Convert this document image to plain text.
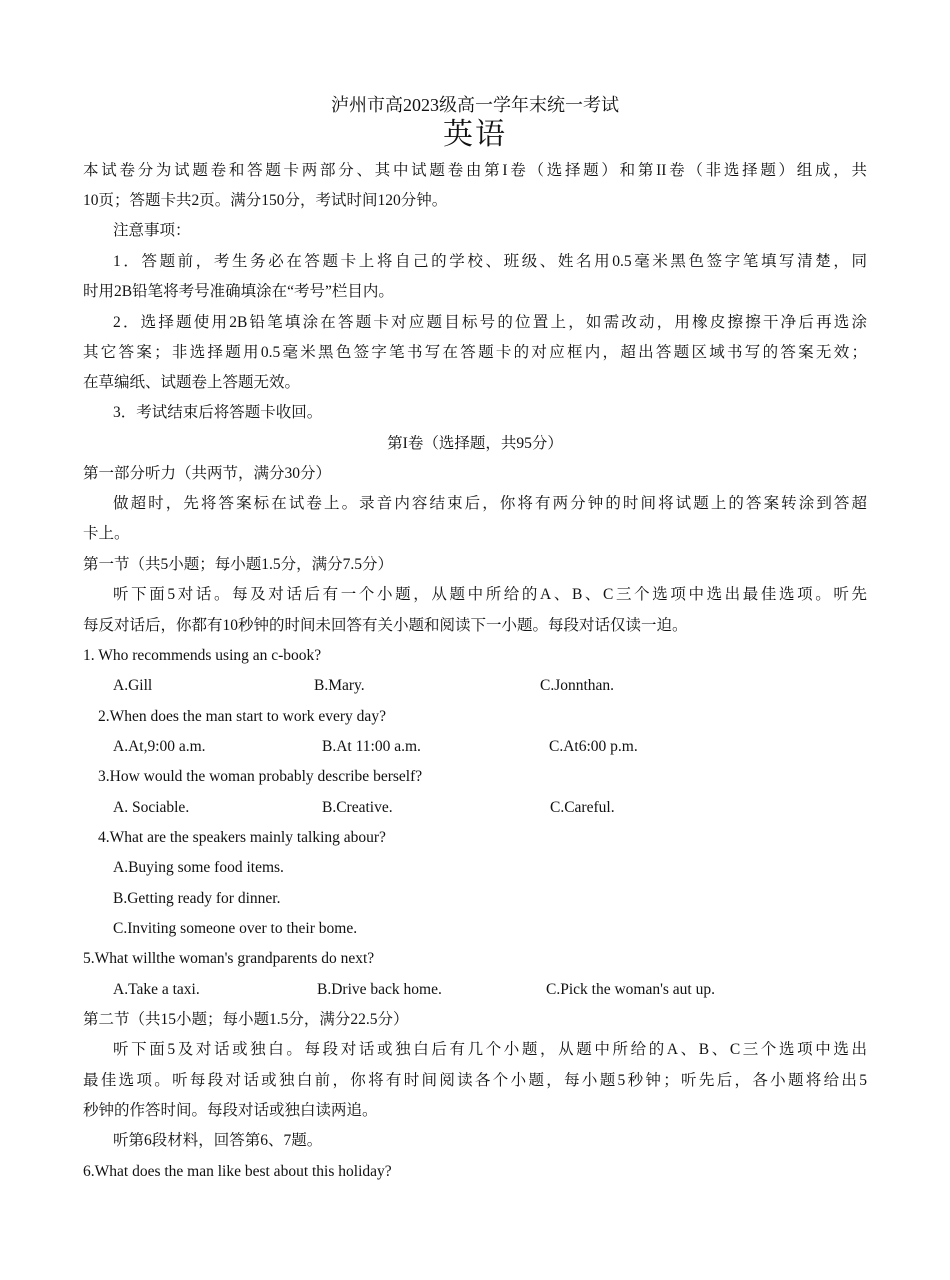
泸州市高2023级高一学年末统一考试
英语
本试卷分为试题卷和答题卡两部分、其中试题卷由第I卷（选择题）和第II卷（非选择题）组成，共
10页；答题卡共2页。满分150分，考试时间120分钟。
注意事项：
1．答题前，考生务必在答题卡上将自己的学校、班级、姓名用0.5毫米黑色签字笔填写清楚，同
时用2B铅笔将考号准确填涂在“考号”栏目内。
2．选择题使用2B铅笔填涂在答题卡对应题目标号的位置上，如需改动，用橡皮擦擦干净后再选涂
其它答案；非选择题用0.5毫米黑色签字笔书写在答题卡的对应框内，超出答题区域书写的答案无效；
在草编纸、试题卷上答题无效。
3．考试结束后将答题卡收回。
第I卷（选择题，共95分）
第一部分听力（共两节，满分30分）
做超时，先将答案标在试卷上。录音内容结束后，你将有两分钟的时间将试题上的答案转涂到答超
卡上。
第一节（共5小题；每小题1.5分，满分7.5分）
听下面5对话。每及对话后有一个小题，从题中所给的A、B、C三个选项中选出最佳选项。听先
每反对话后，你都有10秒钟的时间未回答有关小题和阅读下一小题。每段对话仅读一迫。
1. Who recommends using an c-book?
A.Gill	B.Mary.	C.Jonnthan.
2.When does the man start to work every day?
A.At,9:00 a.m.	B.At 11:00 a.m.	C.At6:00 p.m.
3.How would the woman probably describe berself?
A. Sociable.	B.Creative.	C.Careful.
4.What are the speakers mainly talking abour?
A.Buying some food items.
B.Getting ready for dinner.
C.Inviting someone over to their bome.
5.What willthe woman's grandparents do next?
A.Take a taxi.	B.Drive back home.	C.Pick the woman's aut up.
第二节（共15小题；每小题1.5分，满分22.5分）
听下面5及对话或独白。每段对话或独白后有几个小题，从题中所给的A、B、C三个选项中选出
最佳选项。听每段对话或独白前，你将有时间阅读各个小题，每小题5秒钟；听先后，各小题将给出5
秒钟的作答时间。每段对话或独白读两追。
听第6段材料，回答第6、7题。
6.What does the man like best about this holiday?
